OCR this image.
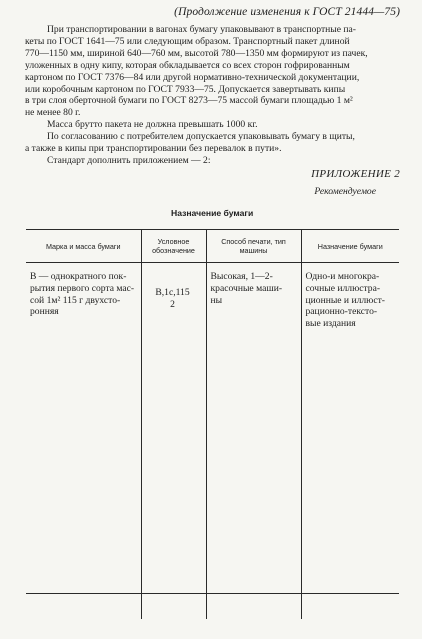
(Продолжение изменения к ГОСТ 21444—75)
При транспортировании в вагонах бумагу упаковывают в транспортные па-
кеты по ГОСТ 1641—75 или следующим образом. Транспортный пакет длиной
770—1150 мм, шириной 640—760 мм, высотой 780—1350 мм формируют из пачек,
уложенных в одну кипу, которая обкладывается со всех сторон гофрированным
картоном по ГОСТ 7376—84 или другой нормативно-технической документации,
или коробочным картоном по ГОСТ 7933—75. Допускается завертывать кипы
в три слоя оберточной бумаги по ГОСТ 8273—75 массой бумаги площадью 1 м²
не менее 80 г.
Масса брутто пакета не должна превышать 1000 кг.
По согласованию с потребителем допускается упаковывать бумагу в щиты,
а также в кипы при транспортировании без перевалок в пути».
Стандарт дополнить приложением — 2:
ПРИЛОЖЕНИЕ 2
Рекомендуемое
Назначение бумаги
Марка и масса бумаги	Условное обозначение	Способ печати, тип машины	Назначение бумаги

В — однократного пок-
рытия первого сорта мас-
сой 1м² 115 г двухсто-
ронняя	В,1с,115
2	Высокая, 1—2-
красочные маши-
ны	Одно-и многокра-
сочные иллюстра-
ционные и иллюст-
рационно-тексто-
вые издания
